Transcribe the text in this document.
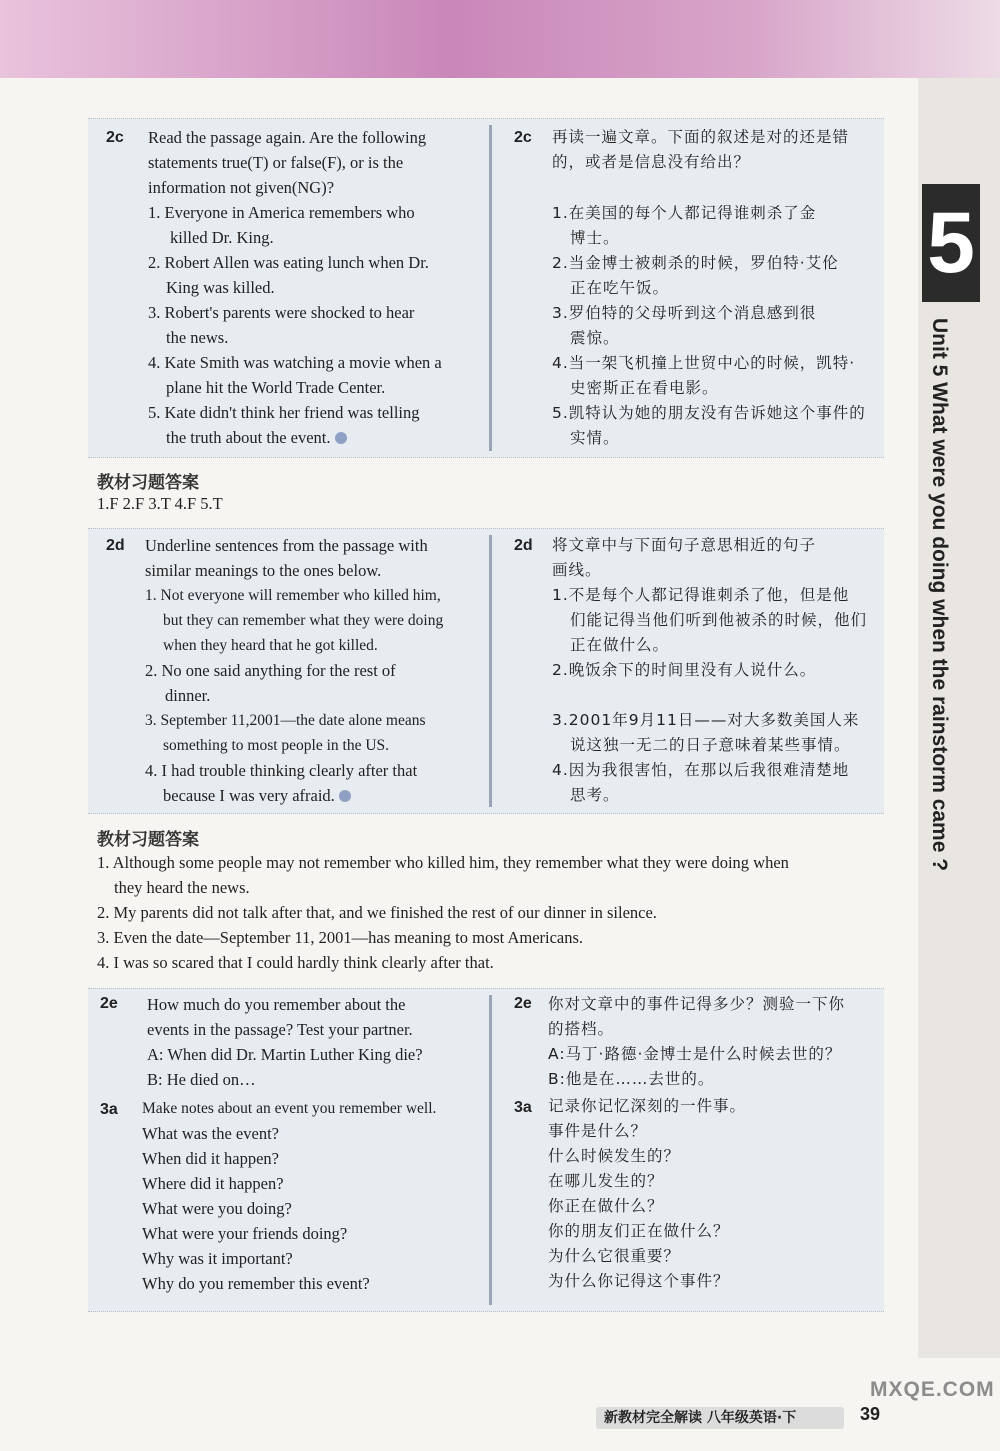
5
Unit 5 What were you doing when the rainstorm came ?
2c Read the passage again. Are the following
statements true(T) or false(F), or is the
information not given(NG)?
1. Everyone in America remembers who
killed Dr. King.
2. Robert Allen was eating lunch when Dr.
King was killed.
3. Robert's parents were shocked to hear
the news.
4. Kate Smith was watching a movie when a
plane hit the World Trade Center.
5. Kate didn't think her friend was telling
the truth about the event.
2c 再读一遍文章。下面的叙述是对的还是错
的，或者是信息没有给出？
1.在美国的每个人都记得谁刺杀了金
博士。
2.当金博士被刺杀的时候，罗伯特·艾伦
正在吃午饭。
3.罗伯特的父母听到这个消息感到很
震惊。
4.当一架飞机撞上世贸中心的时候，凯特·
史密斯正在看电影。
5.凯特认为她的朋友没有告诉她这个事件的
实情。
教材习题答案
1.F 2.F 3.T 4.F 5.T
2d Underline sentences from the passage with
similar meanings to the ones below.
1. Not everyone will remember who killed him,
but they can remember what they were doing
when they heard that he got killed.
2. No one said anything for the rest of
dinner.
3. September 11,2001—the date alone means
something to most people in the US.
4. I had trouble thinking clearly after that
because I was very afraid.
2d 将文章中与下面句子意思相近的句子
画线。
1.不是每个人都记得谁刺杀了他，但是他
们能记得当他们听到他被杀的时候，他们
正在做什么。
2.晚饭余下的时间里没有人说什么。
3.2001年9月11日——对大多数美国人来
说这独一无二的日子意味着某些事情。
4.因为我很害怕，在那以后我很难清楚地
思考。
教材习题答案
1. Although some people may not remember who killed him, they remember what they were doing when
they heard the news.
2. My parents did not talk after that, and we finished the rest of our dinner in silence.
3. Even the date—September 11, 2001—has meaning to most Americans.
4. I was so scared that I could hardly think clearly after that.
2e How much do you remember about the
events in the passage? Test your partner.
A: When did Dr. Martin Luther King die?
B: He died on…
3a Make notes about an event you remember well.
What was the event?
When did it happen?
Where did it happen?
What were you doing?
What were your friends doing?
Why was it important?
Why do you remember this event?
2e 你对文章中的事件记得多少？测验一下你
的搭档。
A:马丁·路德·金博士是什么时候去世的？
B:他是在……去世的。
3a 记录你记忆深刻的一件事。
事件是什么？
什么时候发生的？
在哪儿发生的？
你正在做什么？
你的朋友们正在做什么？
为什么它很重要？
为什么你记得这个事件？
新教材完全解读 八年级英语·下	39
MXQE.COM
